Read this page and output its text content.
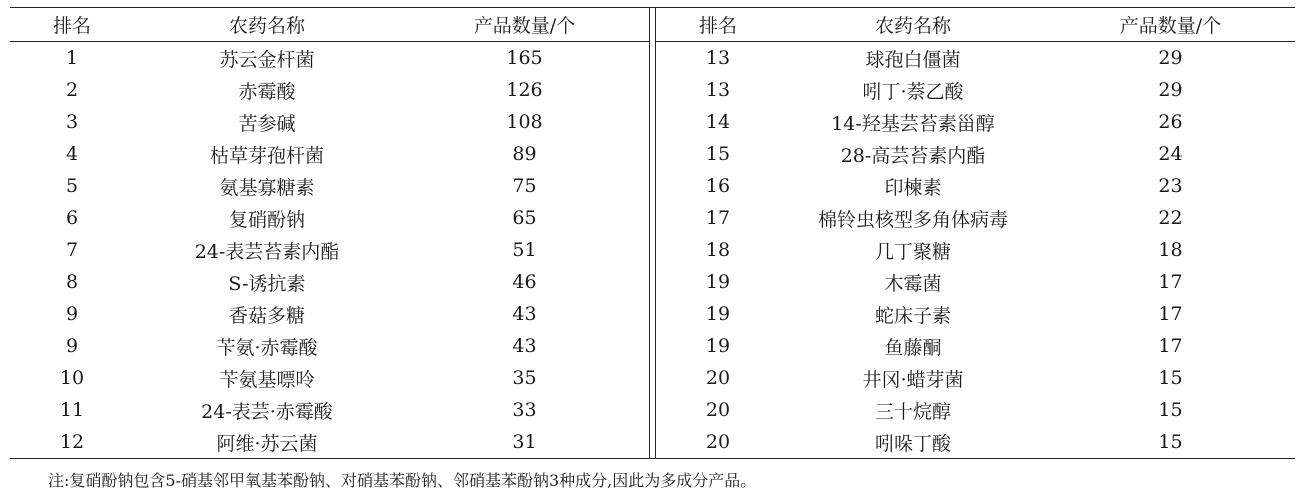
排名	农药名称	产品数量/个
1	苏云金杆菌	165
2	赤霉酸	126
3	苦参碱	108
4	枯草芽孢杆菌	89
5	氨基寡糖素	75
6	复硝酚钠	65
7	24-表芸苔素内酯	51
8	S-诱抗素	46
9	香菇多糖	43
9	苄氨·赤霉酸	43
10	苄氨基嘌呤	35
11	24-表芸·赤霉酸	33
12	阿维·苏云菌	31
排名	农药名称	产品数量/个
13	球孢白僵菌	29
13	吲丁·萘乙酸	29
14	14-羟基芸苔素甾醇	26
15	28-高芸苔素内酯	24
16	印楝素	23
17	棉铃虫核型多角体病毒	22
18	几丁聚糖	18
19	木霉菌	17
19	蛇床子素	17
19	鱼藤酮	17
20	井冈·蜡芽菌	15
20	三十烷醇	15
20	吲哚丁酸	15
注:复硝酚钠包含5-硝基邻甲氧基苯酚钠、对硝基苯酚钠、邻硝基苯酚钠3种成分,因此为多成分产品。
